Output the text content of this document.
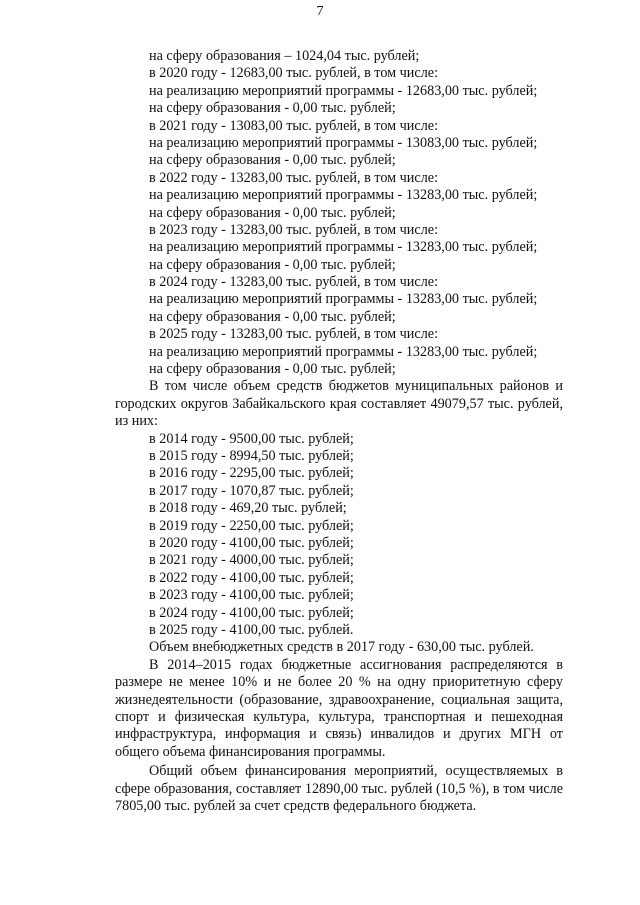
7
на сферу образования – 1024,04 тыс. рублей;
в 2020 году - 12683,00 тыс. рублей, в том числе:
на реализацию мероприятий программы - 12683,00 тыс. рублей;
на сферу образования - 0,00 тыс. рублей;
в 2021 году - 13083,00 тыс. рублей, в том числе:
на реализацию мероприятий программы - 13083,00 тыс. рублей;
на сферу образования - 0,00 тыс. рублей;
в 2022 году - 13283,00 тыс. рублей, в том числе:
на реализацию мероприятий программы - 13283,00 тыс. рублей;
на сферу образования - 0,00 тыс. рублей;
в 2023 году - 13283,00 тыс. рублей, в том числе:
на реализацию мероприятий программы - 13283,00 тыс. рублей;
на сферу образования - 0,00 тыс. рублей;
в 2024 году - 13283,00 тыс. рублей, в том числе:
на реализацию мероприятий программы - 13283,00 тыс. рублей;
на сферу образования - 0,00 тыс. рублей;
в 2025 году - 13283,00 тыс. рублей, в том числе:
на реализацию мероприятий программы - 13283,00 тыс. рублей;
на сферу образования - 0,00 тыс. рублей;
В том числе объем средств бюджетов муниципальных районов и городских округов Забайкальского края составляет 49079,57 тыс. рублей, из них:
в 2014 году - 9500,00 тыс. рублей;
в 2015 году - 8994,50 тыс. рублей;
в 2016 году - 2295,00 тыс. рублей;
в 2017 году - 1070,87 тыс. рублей;
в 2018 году - 469,20 тыс. рублей;
в 2019 году - 2250,00 тыс. рублей;
в 2020 году - 4100,00 тыс. рублей;
в 2021 году - 4000,00 тыс. рублей;
в 2022 году - 4100,00 тыс. рублей;
в 2023 году - 4100,00 тыс. рублей;
в 2024 году - 4100,00 тыс. рублей;
в 2025 году - 4100,00 тыс. рублей.
Объем внебюджетных средств в 2017 году - 630,00 тыс. рублей.
В 2014–2015 годах бюджетные ассигнования распределяются в размере не менее 10% и не более 20 % на одну приоритетную сферу жизнедеятельности (образование, здравоохранение, социальная защита, спорт и физическая культура, культура, транспортная и пешеходная инфраструктура, информация и связь) инвалидов и других МГН от общего объема финансирования программы.
Общий объем финансирования мероприятий, осуществляемых в сфере образования, составляет 12890,00 тыс. рублей (10,5 %), в том числе 7805,00 тыс. рублей за счет средств федерального бюджета.
